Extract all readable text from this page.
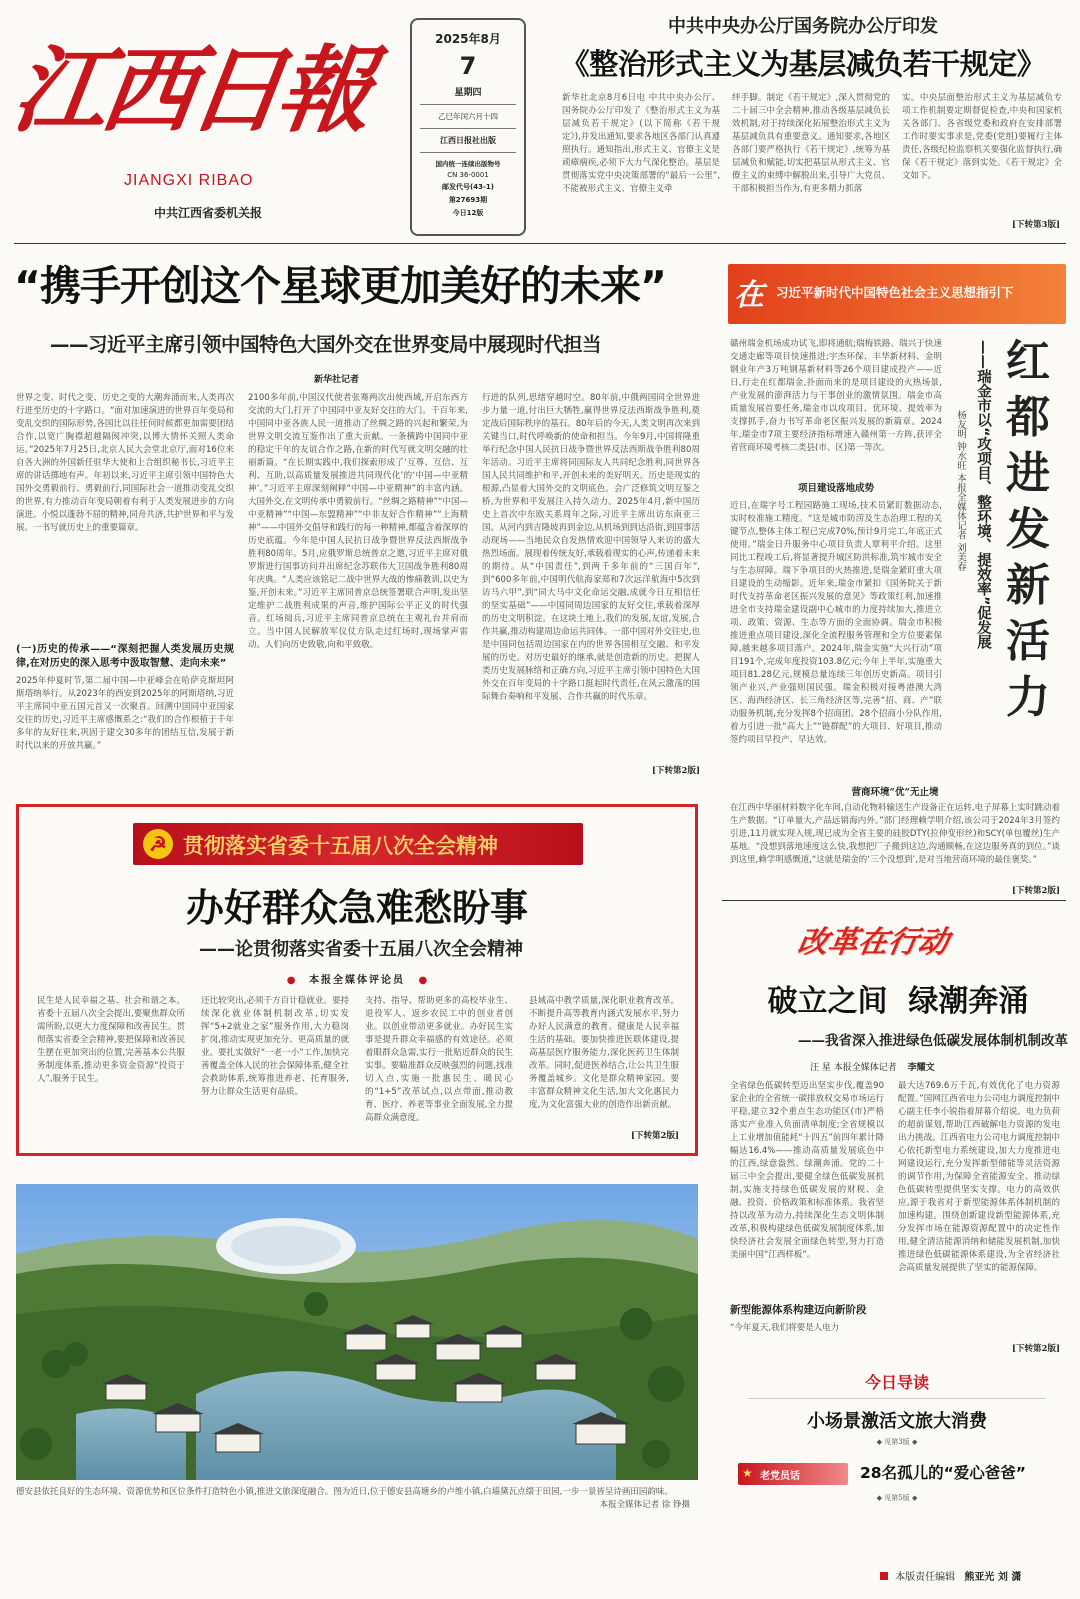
江西日報
JIANGXI RIBAO
中共江西省委机关报
2025年8月
7
星期四
乙巳年闰六月十四
江西日报社出版
国内统一连续出版物号
CN 36-0001
邮发代号(43-1)
第27693期
今日12版
中共中央办公厅国务院办公厅印发
《整治形式主义为基层减负若干规定》
新华社北京8月6日电 中共中央办公厅、国务院办公厅印发了《整治形式主义为基层减负若干规定》(以下简称《若干规定》),并发出通知,要求各地区各部门认真遵照执行。通知指出,形式主义、官僚主义是顽瘴痼疾,必须下大力气深化整治。基层是贯彻落实党中央决策部署的“最后一公里”,不能被形式主义、官僚主义牵
绊手脚。制定《若干规定》,深入贯彻党的二十届三中全会精神,推动各级基层减负长效机制,对于持续深化拓展整治形式主义为基层减负具有重要意义。通知要求,各地区各部门要严格执行《若干规定》,统筹为基层减负和赋能,切实把基层从形式主义、官僚主义的束缚中解脱出来,引导广大党员、干部积极担当作为,有更多精力抓落
实。中央层面整治形式主义为基层减负专项工作机制要定期督促检查,中央和国家机关各部门、各省级党委和政府在安排部署工作时要实事求是,党委(党组)要履行主体责任,各级纪检监察机关要强化监督执行,确保《若干规定》落到实处。《若干规定》全文如下。
[下转第3版]
“携手开创这个星球更加美好的未来”
——习近平主席引领中国特色大国外交在世界变局中展现时代担当
新华社记者
世界之变、时代之变、历史之变的大潮奔涌而来,人类再次行进至历史的十字路口。“面对加速演进的世界百年变局和变乱交织的国际形势,各国比以往任何时候都更加需要团结合作,以宽广胸襟超越隔阂冲突,以博大情怀关照人类命运。”2025年7月25日,北京人民大会堂北京厅,面对16位来自各大洲的外国新任驻华大使和上合组织秘书长,习近平主席的讲话掷地有声。年初以来,习近平主席引领中国特色大国外交勇毅前行、勇毅前行,同国际社会一道推动变乱交织的世界,有力推动百年变局朝着有利于人类发展进步的方向演进。小悦以蓬勃不屈的精神,同舟共济,共护世界和平与发展。一书写就历史上的重要篇章。
(一)历史的传承——“深刻把握人类发展历史规律,在对历史的深入思考中汲取智慧、走向未来”
2025年仲夏时节,第二届中国—中亚峰会在哈萨克斯坦阿斯塔纳举行。从2023年的西安到2025年的阿斯塔纳,习近平主席同中亚五国元首又一次聚首。回溯中国同中亚国家交往的历史,习近平主席感慨系之:“我们的合作根植于千年多年的友好往来,巩固于建交30多年的团结互信,发展于新时代以来的开放共赢。”
2100多年前,中国汉代使者张骞两次出使西域,开启东西方交流的大门,打开了中国同中亚友好交往的大门。千百年来,中国同中亚各族人民一道推动了丝绸之路的兴起和繁荣,为世界文明交流互鉴作出了重大贡献。一条横跨中国同中亚的稳定干年的友谊合作之路,在新的时代写就文明交融的壮丽新篇。“在长期实践中,我们探索形成了‘互尊、互信、互利、互助,以高质量发展推进共同现代化’的‘中国—中亚精神’。”习近平主席深刻阐释“中国—中亚精神”的丰富内涵。大国外交,在文明传承中勇毅前行。“丝绸之路精神”“中国—中亚精神”“中国—东盟精神”“中非友好合作精神”“上海精神”——中国外交倡导和践行的每一种精神,都蕴含着深厚的历史底蕴。今年是中国人民抗日战争暨世界反法西斯战争胜利80周年。5月,应俄罗斯总统普京之邀,习近平主席对俄罗斯进行国事访问并出席纪念苏联伟大卫国战争胜利80周年庆典。“人类应该铭记二战中世界大战的惨痛教训,以史为鉴,开创未来。”习近平主席同普京总统签署联合声明,发出坚定维护二战胜利成果的声音,维护国际公平正义的时代强音。红场阅兵,习近平主席同普京总统在主观礼台并肩而立。当中国人民解放军仪仗方队走过红场时,现场掌声雷动。人们向历史致敬,向和平致敬。
行进的队列,思绪穿越时空。80年前,中俄两国同全世界进步力量一道,付出巨大牺牲,赢得世界反法西斯战争胜利,奠定战后国际秩序的基石。80年后的今天,人类文明再次来到关键当口,时代呼唤新的使命和担当。今年9月,中国将隆重举行纪念中国人民抗日战争暨世界反法西斯战争胜利80周年活动。习近平主席将同国际友人共同纪念胜利,同世界各国人民共同维护和平,开创未来的美好明天。历史是现实的根源,凸显着大国外交的文明底色。会广泛修筑文明互鉴之桥,为世界和平发展注入持久动力。2025年4月,新中国历史上首次中东欧关系周年之际,习近平主席出访东南亚三国。从河内到吉隆坡再到金边,从机场到到达沿街,到国事活动现场——当地民众自发热情欢迎中国领导人来访的盛大热烈场面。展现着传统友好,承载着现实的心声,传递着未来的期待。从“中国责任”,到两千多年前的“三国百年”,到“600多年前,中国明代航海家郑和7次远洋航海中5次到访马六甲”,到“同大马中文化命运交融,成就今日互相信任的坚实基础”——中国同周边国家的友好交往,承载着深厚的历史文明积淀。在这块土地上,我们的发展,友谊,发展,合作共赢,推动构建周边命运共同体。一部中国对外交往史,也是中国同包括周边国家在内的世界各国相互交融、和平发展的历史。对历史最好的继承,就是创造新的历史。把握人类历史发展脉络和正确方向,习近平主席引领中国特色大国外交在百年变局的十字路口挺起时代责任,在风云激荡的国际舞台奏响和平发展、合作共赢的时代乐章。
[下转第2版]
在 习近平新时代中国特色社会主义思想指引下
红
都
进
发
新
活
力
——瑞金市以“攻项目、整环境、提效率”促发展
杨友明 钟水旺 本报全媒体记者 刘美春
赣州瑞金机场成功试飞,即将通航;瑞梅铁路、瑞兴于快速交通走廊等项目快速推进;宇杰环保、丰华新材料、金明钢业年产3万吨钢基新材料等26个项目建成投产——近日,行走在红都瑞金,扑面而来的是项目建设的火热场景,产业发展的澎湃活力与干事创业的激情氛围。瑞金市高质量发展首要任务,瑞金市以攻项目、优环境、提效率为支撑抓手,奋力书写革命老区振兴发展的新篇章。2024年,瑞金市7项主要经济指标增速入赣州第一方阵,获评全省营商环境考核二类县(市、区)第一等次。
项目建设落地成势
近日,在瑞字号工程园路施工现场,技术员紧盯数据动态,实时校准施工精度。“这是城市防涝及生态治理工程的关键节点,整体主体工程已完成70%,预计9月完工,年底正式使用。”瑞金日升服务中心项目负责人覃利平介绍。这里同比工程竣工后,将显著提升城区防洪标准,筑牢城市安全与生态屏障。瑞下争项目的火热推进,是瑞金紧盯重大项目建设的生动缩影。近年来,瑞金市紧扣《国务院关于新时代支持革命老区振兴发展的意见》等政策红利,加速推进全市支持瑞金建设副中心城市的力度持续加大,推进立项、政策、资源、生态等方面的全面协调。瑞金市积极推进重点项目建设,深化全流程服务管理和全方位要素保障,越来越多项目落户。2024年,瑞金实施“大兴行动”项目191个,完成年度投资103.8亿元;今年上半年,实施重大项目81.28亿元,规模总量连续三年创历史新高。项目引领产业兴,产业强则国民强。瑞金积极对接粤港澳大湾区、海西经济区、长三角经济区等,完善“招、商、产”联动服务机制,充分发挥8个招商团、28个招商小分队作用,着力引进一批“高大上”“链群配”的大项目、好项目,推动签约项目早投产、早达效。
营商环境“优”无止境
在江西中华丽材料数字化车间,自动化物料输送生产设备正在运转,电子屏幕上实时跳动着生产数据。“订单量大,产品远销海内外。”部门经理赖学明介绍,该公司于2024年3月签约引进,11月就实现入规,现已成为全省主要的硅胶DTY(拉伸变形丝)和SCY(单包覆丝)生产基地。“没想到落地速度这么快,我想把厂子搬到这边,沟通顺畅,在这边服务真的到位。”谈到这里,赖学明感慨道,“这就是瑞金的‘三个没想到’,是对当地营商环境的最佳褒奖。”
[下转第2版]
☭ 贯彻落实省委十五届八次全会精神
办好群众急难愁盼事
——论贯彻落实省委十五届八次全会精神
● 本报全媒体评论员 ●
民生是人民幸福之基、社会和谐之本。省委十五届八次全会提出,要聚焦群众所需所盼,以更大力度保障和改善民生。贯彻落实省委全会精神,要把保障和改善民生摆在更加突出的位置,完善基本公共服务制度体系,推动更多资金资源“投资于人”,服务于民生。
还比较突出,必须千方百计稳就业。要持续深化就业体制机制改革,切实发挥“5+2就业之家”服务作用,大力稳岗扩岗,推动实现更加充分、更高质量的就业。要扎实做好“一老一小”工作,加快完善覆盖全体人民的社会保障体系,健全社会救助体系,统筹推进养老、托育服务,努力让群众生活更有品质。
支持、指导、帮助更多的高校毕业生、退役军人、返乡农民工中的创业者创业。以创业带动更多就业。办好民生实事是提升群众幸福感的有效途径。必须着眼群众急需,实行一批贴近群众的民生实事。要瞄准群众反映强烈的问题,找准切入点,实施一批惠民生、暖民心的“1+5”改革试点,以点带面,推动教育、医疗、养老等事业全面发展,全力提高群众满意度。
县域高中教学质量,深化职业教育改革。不断提升高等教育内涵式发展水平,努力办好人民满意的教育。健康是人民幸福生活的基础。要加快推进医联体建设,提高基层医疗服务能力,深化医药卫生体制改革。同时,促进医养结合,让公共卫生服务覆盖城乡。文化是群众精神家园。要丰富群众精神文化生活,加大文化惠民力度,为文化富强大业的创造作出新贡献。
[下转第2版]
改革在行动
破立之间  绿潮奔涌
——我省深入推进绿色低碳发展体制机制改革
汪 星 本报全媒体记者 李耀文
全省绿色低碳转型迈出坚实步伐,覆盖90家企业的全省统一碳排放权交易市场运行平稳,建立32个重点生态功能区(市)严格落实产业准入负面清单制度;全省规模以上工业增加值能耗“十四五”前四年累计降幅达16.4%——推动高质量发展底色中的江西,绿意盎然、绿潮奔涌。党的二十届三中全会提出,要健全绿色低碳发展机制,实施支持绿色低碳发展的财税、金融、投资、价格政策和标准体系。我省坚持以改革为动力,持续深化生态文明体制改革,积极构建绿色低碳发展制度体系,加快经济社会发展全面绿色转型,努力打造美丽中国“江西样板”。
新型能源体系构建迈向新阶段
“今年夏天,我们将要是人电力
最大达769.6万千瓦,有效优化了电力资源配置。”国网江西省电力公司电力调度控制中心副主任李小锐指着屏幕介绍说。电力负荷的超前谋划,帮助江西破解电力资源的发电出力挑战。江西省电力公司电力调度控制中心依托新型电力系统建设,加大力度推进电网建设运行,充分发挥新型储能等灵活资源的调节作用,为保障全省能源安全、推动绿色低碳转型提供坚实支撑。电力的高效供应,源于我省对于新型能源体系体制机制的加速构建。围绕创新建设新型能源体系,充分发挥市场在能源资源配置中的决定性作用,健全清洁能源消纳和储能发展机制,加快推进绿色低碳能源体系建设,为全省经济社会高质量发展提供了坚实的能源保障。
[下转第2版]
德安县依托良好的生态环境、资源优势和区位条件打造特色小镇,推进文旅深度融合。图为近日,位于德安县高塘乡的卢维小镇,白墙黛瓦点缀于田园,一步一景皆呈诗画田园韵味。
本报全媒体记者 徐 铮摄
今日导读
小场景激活文旅大消费
◆ 见第3版 ◆
★ 老党员话	28名孤儿的“爱心爸爸”
◆ 见第5版 ◆
本版责任编辑 熊亚光 刘 潇
